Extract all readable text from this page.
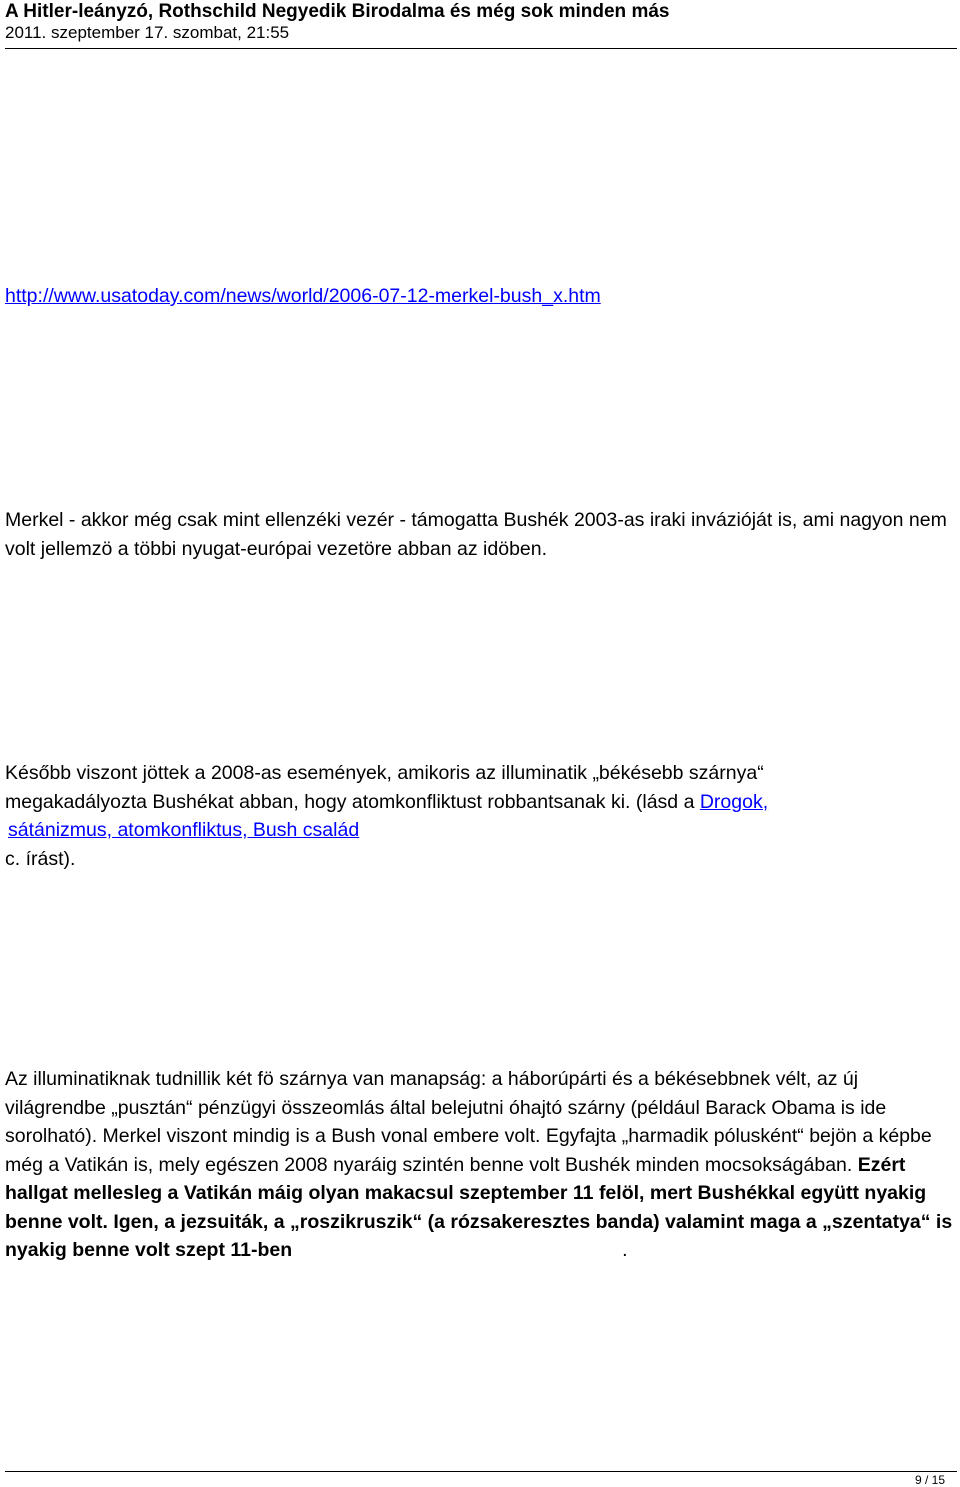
A Hitler-leányzó, Rothschild Negyedik Birodalma és még sok minden más
2011. szeptember 17. szombat, 21:55
http://www.usatoday.com/news/world/2006-07-12-merkel-bush_x.htm
Merkel - akkor még csak mint ellenzéki vezér - támogatta Bushék 2003-as iraki invázióját is, ami nagyon nem volt jellemzö a többi nyugat-európai vezetöre abban az idöben.
Később viszont jöttek a 2008-as események, amikoris az illuminatik „békésebb szárnya“
megakadályozta Bushékat abban, hogy atomkonfliktust robbantsanak ki. (lásd a Drogok,
sátánizmus, atomkonfliktus, Bush család
c. írást).
Az illuminatiknak tudnillik két fö szárnya van manapság: a háborúpárti és a békésebbnek vélt, az új világrendbe „pusztán“ pénzügyi összeomlás által belejutni óhajtó szárny (például Barack Obama is ide sorolható). Merkel viszont mindig is a Bush vonal embere volt. Egyfajta „harmadik pólusként“ bejön a képbe még a Vatikán is, mely egészen 2008 nyaráig szintén benne volt Bushék minden mocsokságában. Ezért hallgat mellesleg a Vatikán máig olyan makacsul szeptember 11 felöl, mert Bushékkal együtt nyakig benne volt. Igen, a jezsuiták, a „roszikruszik“ (a rózsakeresztes banda) valamint maga a „szentatya“ is nyakig benne volt szept 11-ben	.
9 / 15
